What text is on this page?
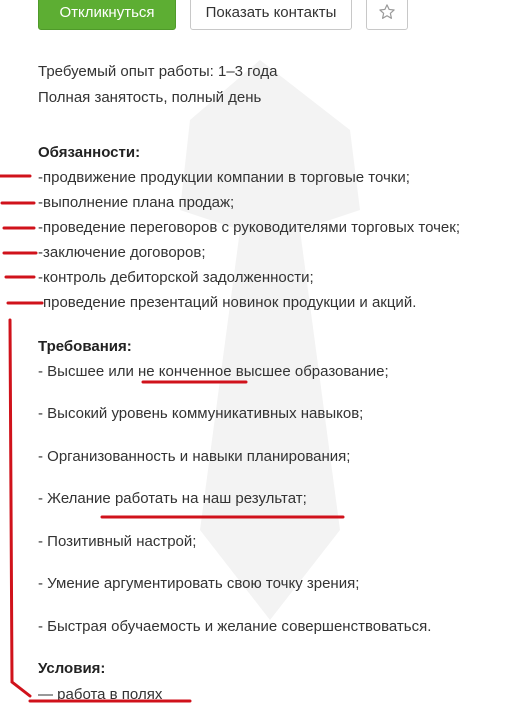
Откликнуться	Показать контакты
Требуемый опыт работы: 1–3 года
Полная занятость, полный день
Обязанности:
-продвижение продукции компании в торговые точки;
-выполнение плана продаж;
-проведение переговоров с руководителями торговых точек;
-заключение договоров;
-контроль дебиторской задолженности;
-проведение презентаций новинок продукции и акций.
Требования:
- Высшее или не конченное высшее образование;
- Высокий уровень коммуникативных навыков;
- Организованность и навыки планирования;
- Желание работать на наш результат;
- Позитивный настрой;
- Умение аргументировать свою точку зрения;
- Быстрая обучаемость и желание совершенствоваться.
Условия:
— работа в полях
